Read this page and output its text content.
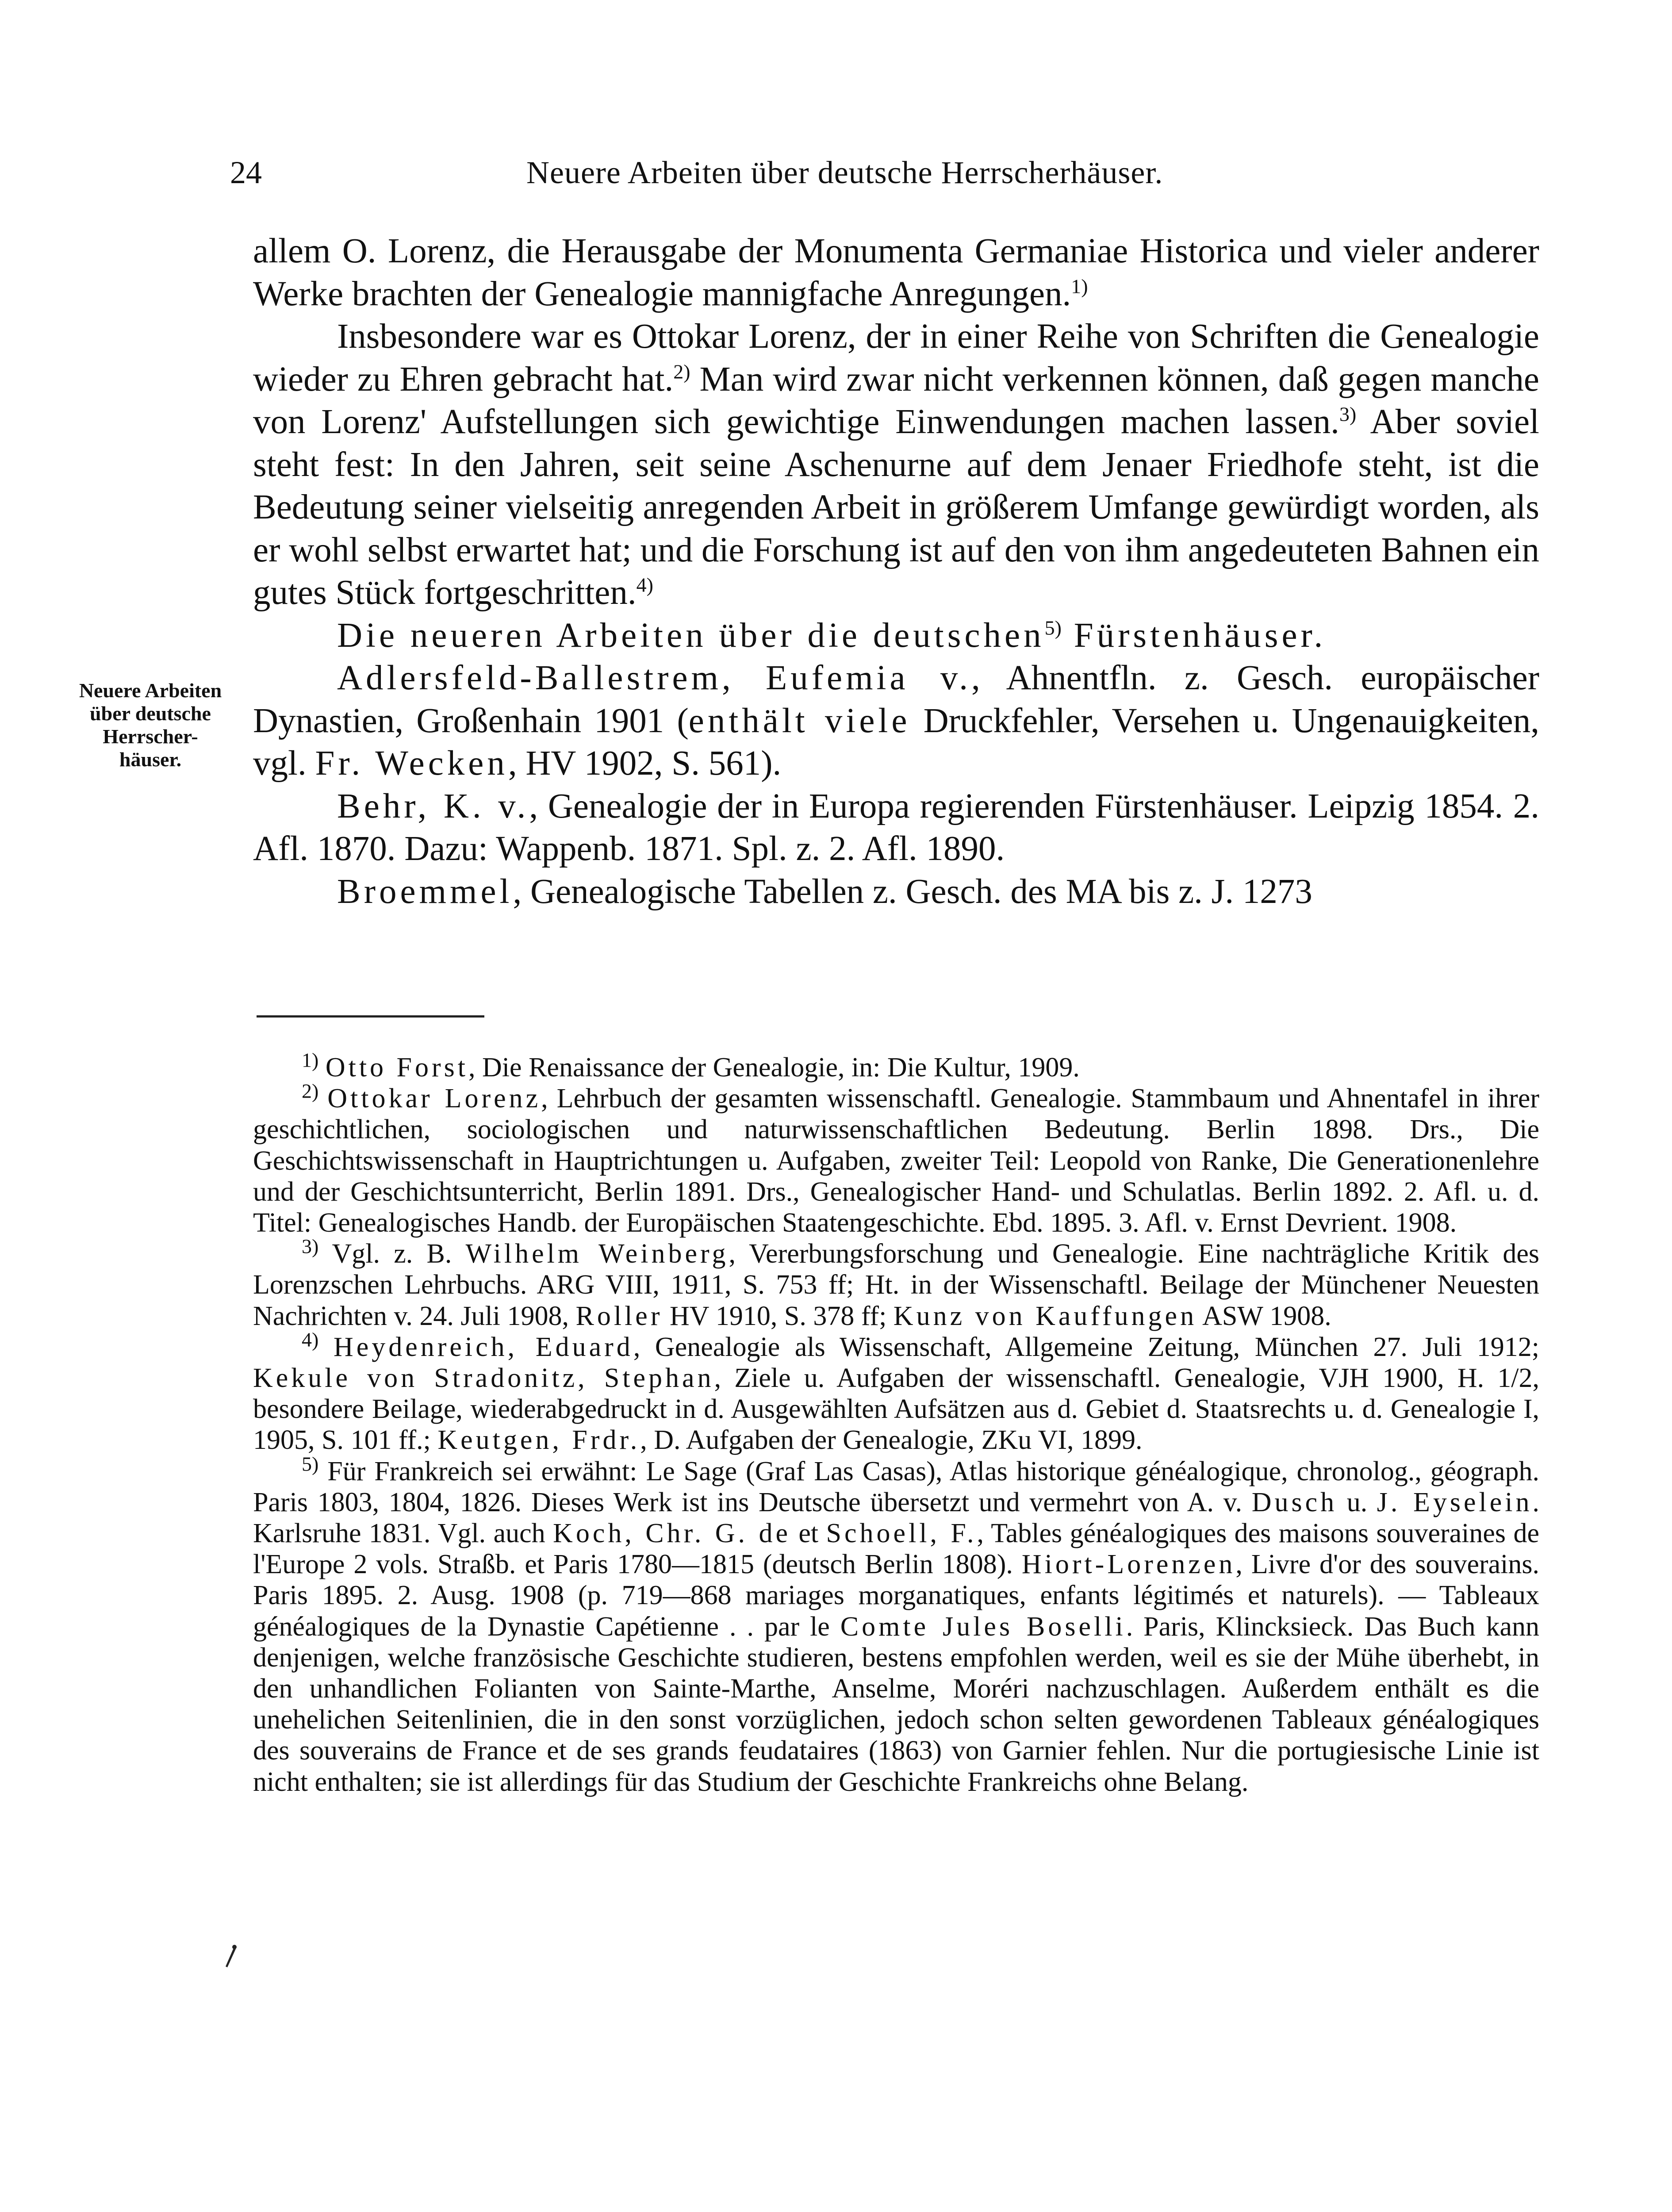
24	Neuere Arbeiten über deutsche Herrscherhäuser.
Neuere Arbeiten
über deutsche
Herrscher-
häuser.

allem O. Lorenz, die Herausgabe der Monumenta Germaniae Historica und vieler anderer Werke brachten der Genealogie mannigfache Anregungen.$^{1)}$

Insbesondere war es Ottokar Lorenz, der in einer Reihe von Schriften die Genealogie wieder zu Ehren gebracht hat.$^{2)}$ Man wird zwar nicht verkennen können, daß gegen manche von Lorenz' Aufstellungen sich gewichtige Einwendungen machen lassen.$^{3)}$ Aber soviel steht fest: In den Jahren, seit seine Aschenurne auf dem Jenaer Friedhofe steht, ist die Bedeutung seiner vielseitig anregenden Arbeit in größerem Umfange gewürdigt worden, als er wohl selbst erwartet hat; und die Forschung ist auf den von ihm angedeuteten Bahnen ein gutes Stück fortgeschritten.$^{4)}$

Die neueren Arbeiten über die deutschen$^{5)}$ Fürstenhäuser.

Adlersfeld-Ballestrem, Eufemia v., Ahnentfln. z. Gesch. europäischer Dynastien, Großenhain 1901 (enthält viele Druckfehler, Versehen u. Ungenauigkeiten, vgl. Fr. Wecken, HV 1902, S. 561).

Behr, K. v., Genealogie der in Europa regierenden Fürstenhäuser. Leipzig 1854. 2. Afl. 1870. Dazu: Wappenb. 1871. Spl. z. 2. Afl. 1890.

Broemmel, Genealogische Tabellen z. Gesch. des MA bis z. J. 1273

$^{1)}$ Otto Forst, Die Renaissance der Genealogie, in: Die Kultur, 1909.

$^{2)}$ Ottokar Lorenz, Lehrbuch der gesamten wissenschaftl. Genealogie. Stammbaum und Ahnentafel in ihrer geschichtlichen, sociologischen und naturwissenschaftlichen Bedeutung. Berlin 1898. Drs., Die Geschichtswissenschaft in Hauptrichtungen u. Aufgaben, zweiter Teil: Leopold von Ranke, Die Generationenlehre und der Geschichtsunterricht, Berlin 1891. Drs., Genealogischer Hand- und Schulatlas. Berlin 1892. 2. Afl. u. d. Titel: Genealogisches Handb. der Europäischen Staatengeschichte. Ebd. 1895. 3. Afl. v. Ernst Devrient. 1908.

$^{3)}$ Vgl. z. B. Wilhelm Weinberg, Vererbungsforschung und Genealogie. Eine nachträgliche Kritik des Lorenzschen Lehrbuchs. ARG VIII, 1911, S. 753 ff; Ht. in der Wissenschaftl. Beilage der Münchener Neuesten Nachrichten v. 24. Juli 1908, Roller HV 1910, S. 378 ff; Kunz von Kauffungen ASW 1908.

$^{4)}$ Heydenreich, Eduard, Genealogie als Wissenschaft, Allgemeine Zeitung, München 27. Juli 1912; Kekule von Stradonitz, Stephan, Ziele u. Aufgaben der wissenschaftl. Genealogie, VJH 1900, H. 1/2, besondere Beilage, wiederabgedruckt in d. Ausgewählten Aufsätzen aus d. Gebiet d. Staatsrechts u. d. Genealogie I, 1905, S. 101 ff.; Keutgen, Frdr., D. Aufgaben der Genealogie, ZKu VI, 1899.

$^{5)}$ Für Frankreich sei erwähnt: Le Sage (Graf Las Casas), Atlas historique généalogique, chronolog., géograph. Paris 1803, 1804, 1826. Dieses Werk ist ins Deutsche übersetzt und vermehrt von A. v. Dusch u. J. Eyselein. Karlsruhe 1831. Vgl. auch Koch, Chr. G. de et Schoell, F., Tables généalogiques des maisons souveraines de l'Europe 2 vols. Straßb. et Paris 1780—1815 (deutsch Berlin 1808). Hiort-Lorenzen, Livre d'or des souverains. Paris 1895. 2. Ausg. 1908 (p. 719—868 mariages morganatiques, enfants légitimés et naturels). — Tableaux généalogiques de la Dynastie Capétienne . . par le Comte Jules Boselli. Paris, Klincksieck. Das Buch kann denjenigen, welche französische Geschichte studieren, bestens empfohlen werden, weil es sie der Mühe überhebt, in den unhandlichen Folianten von Sainte-Marthe, Anselme, Moréri nachzuschlagen. Außerdem enthält es die unehelichen Seitenlinien, die in den sonst vorzüglichen, jedoch schon selten gewordenen Tableaux généalogiques des souverains de France et de ses grands feudataires (1863) von Garnier fehlen. Nur die portugiesische Linie ist nicht enthalten; sie ist allerdings für das Studium der Geschichte Frankreichs ohne Belang.
